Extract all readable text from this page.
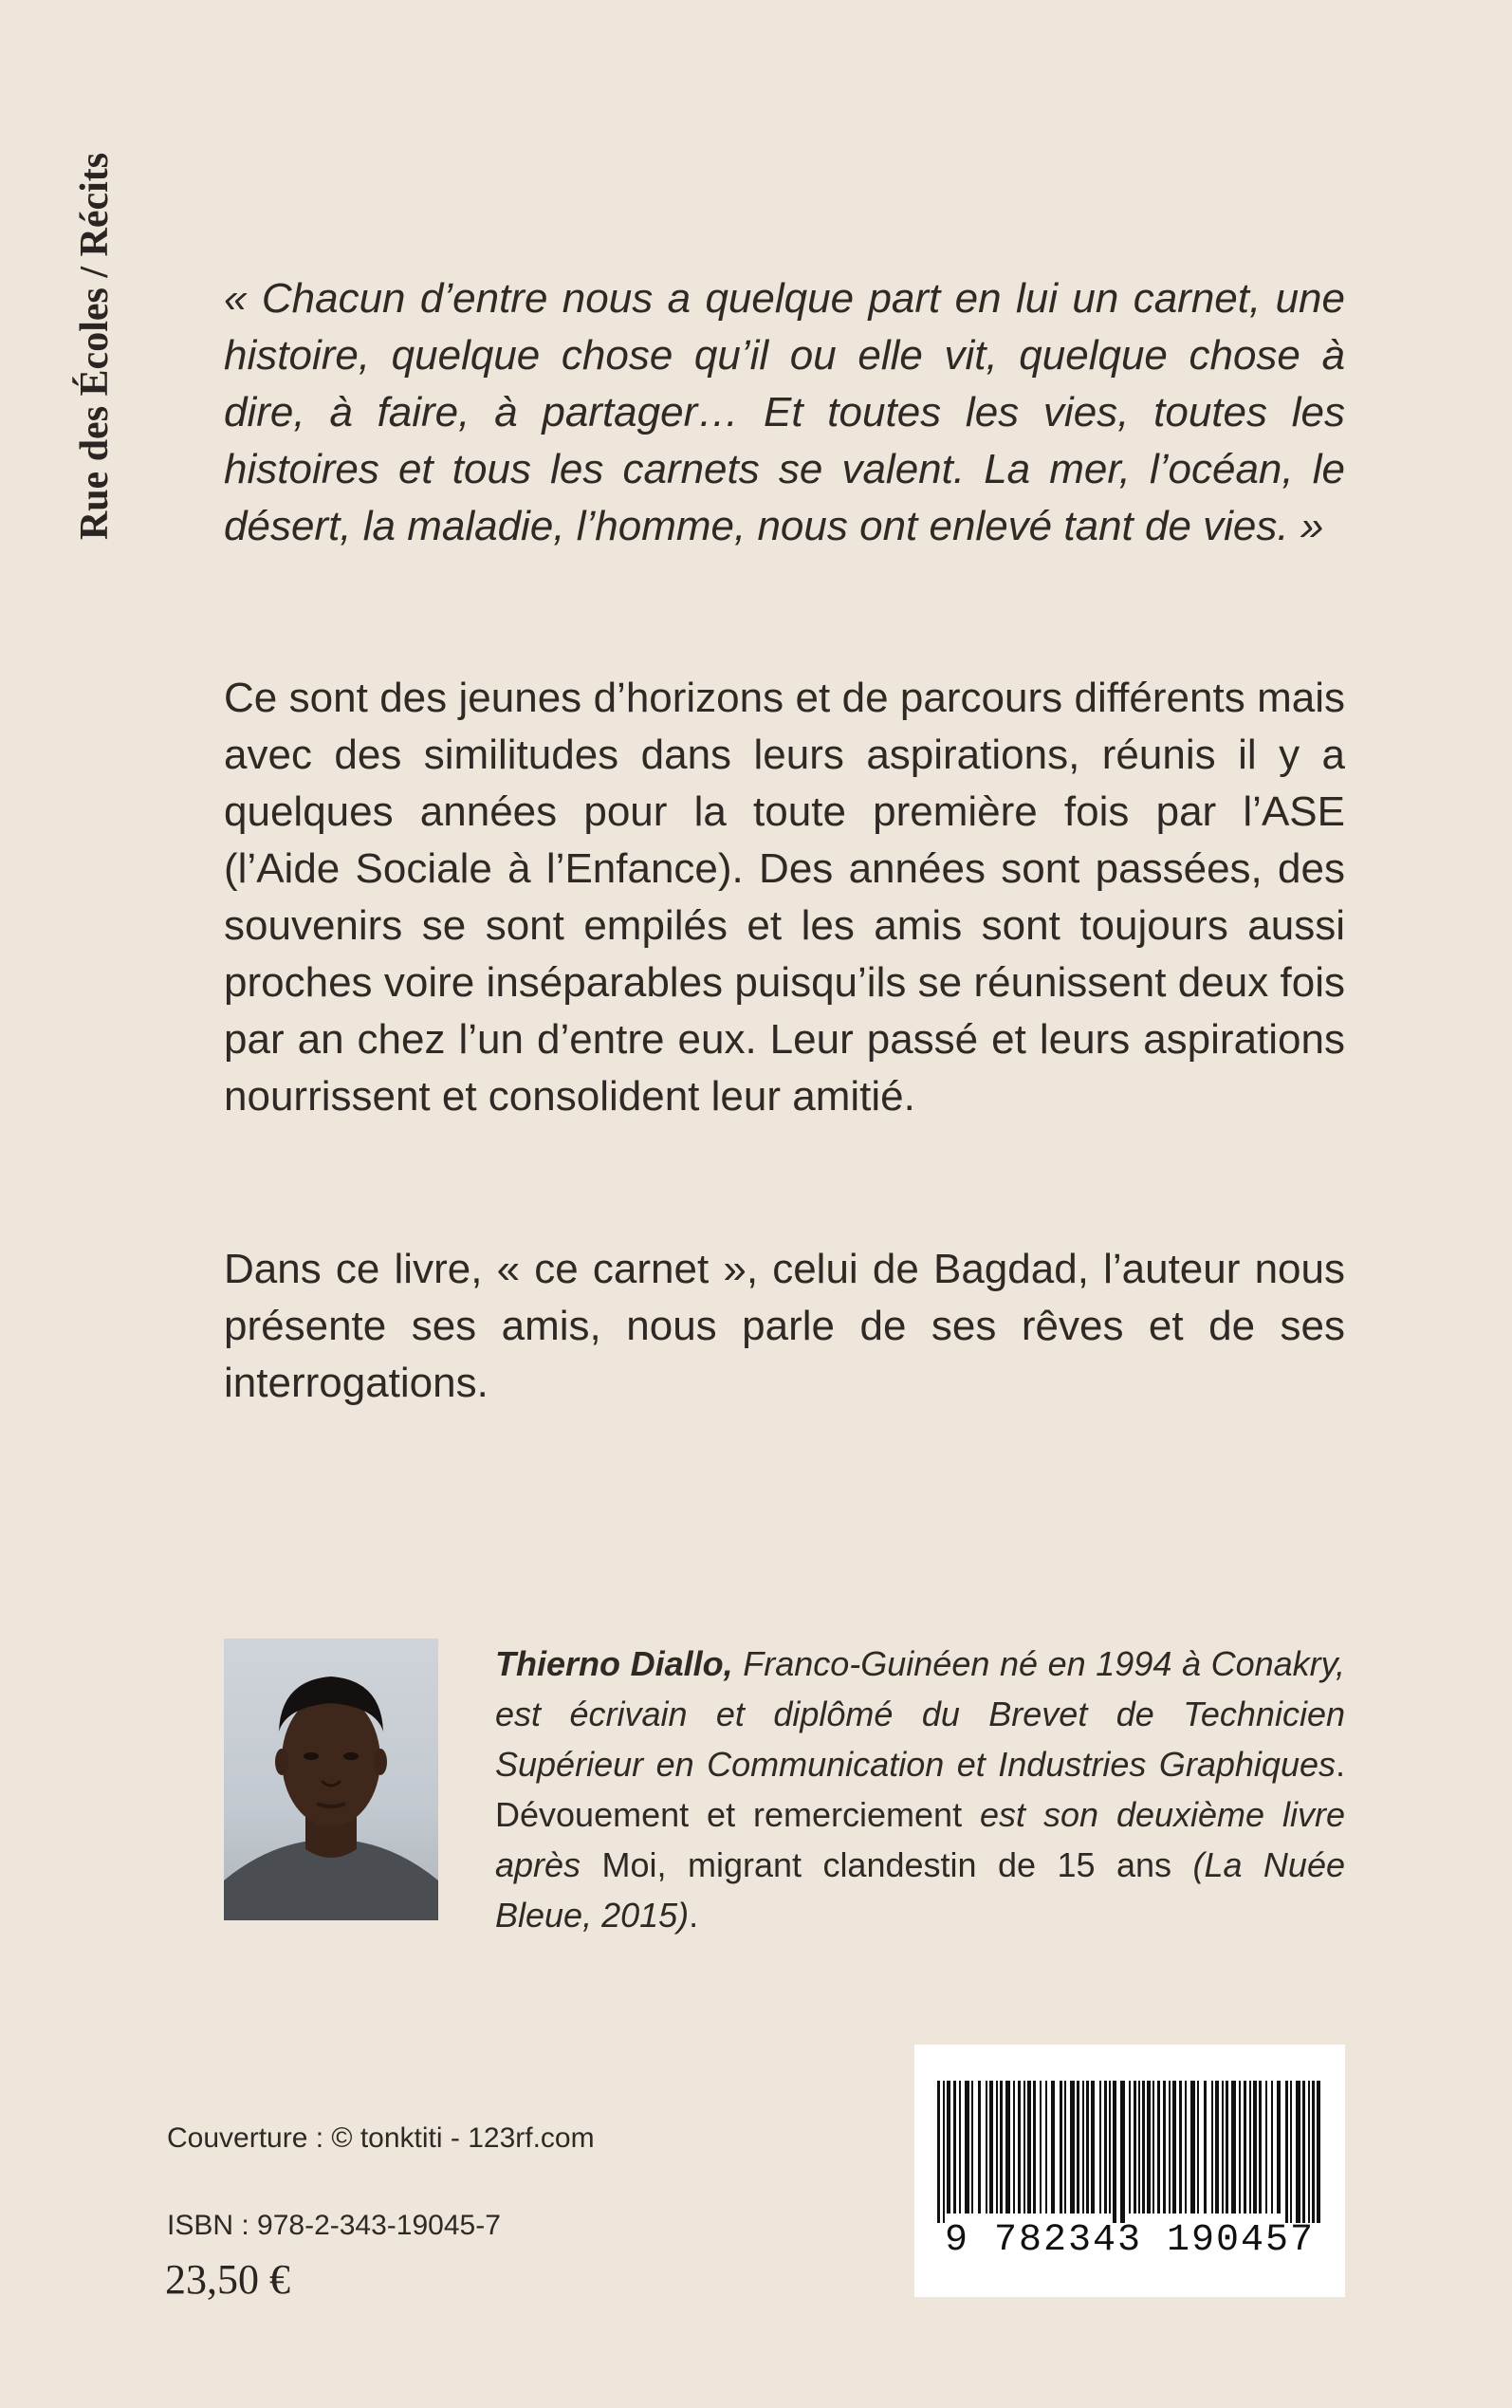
Rue des Écoles / Récits	« Chacun d’entre nous a quelque part en lui un carnet, une histoire, quelque chose qu’il ou elle vit, quelque chose à dire, à faire, à partager… Et toutes les vies, toutes les histoires et tous les carnets se valent. La mer, l’océan, le désert, la maladie, l’homme, nous ont enlevé tant de vies. »

Ce sont des jeunes d’horizons et de parcours différents mais avec des similitudes dans leurs aspirations, réunis il y a quelques années pour la toute première fois par l’ASE (l’Aide Sociale à l’Enfance). Des années sont passées, des souvenirs se sont empilés et les amis sont toujours aussi proches voire inséparables puisqu’ils se réunissent deux fois par an chez l’un d’entre eux. Leur passé et leurs aspirations nourrissent et consolident leur amitié.

Dans ce livre, « ce carnet », celui de Bagdad, l’auteur nous présente ses amis, nous parle de ses rêves et de ses interrogations.

Thierno Diallo, Franco-Guinéen né en 1994 à Conakry, est écrivain et diplômé du Brevet de Technicien Supérieur en Communication et Industries Graphiques. Dévouement et remerciement est son deuxième livre après Moi, migrant clandestin de 15 ans (La Nuée Bleue, 2015).

Couverture : © tonktiti - 123rf.com
ISBN : 978-2-343-19045-7
23,50 €
9 782343 190457
